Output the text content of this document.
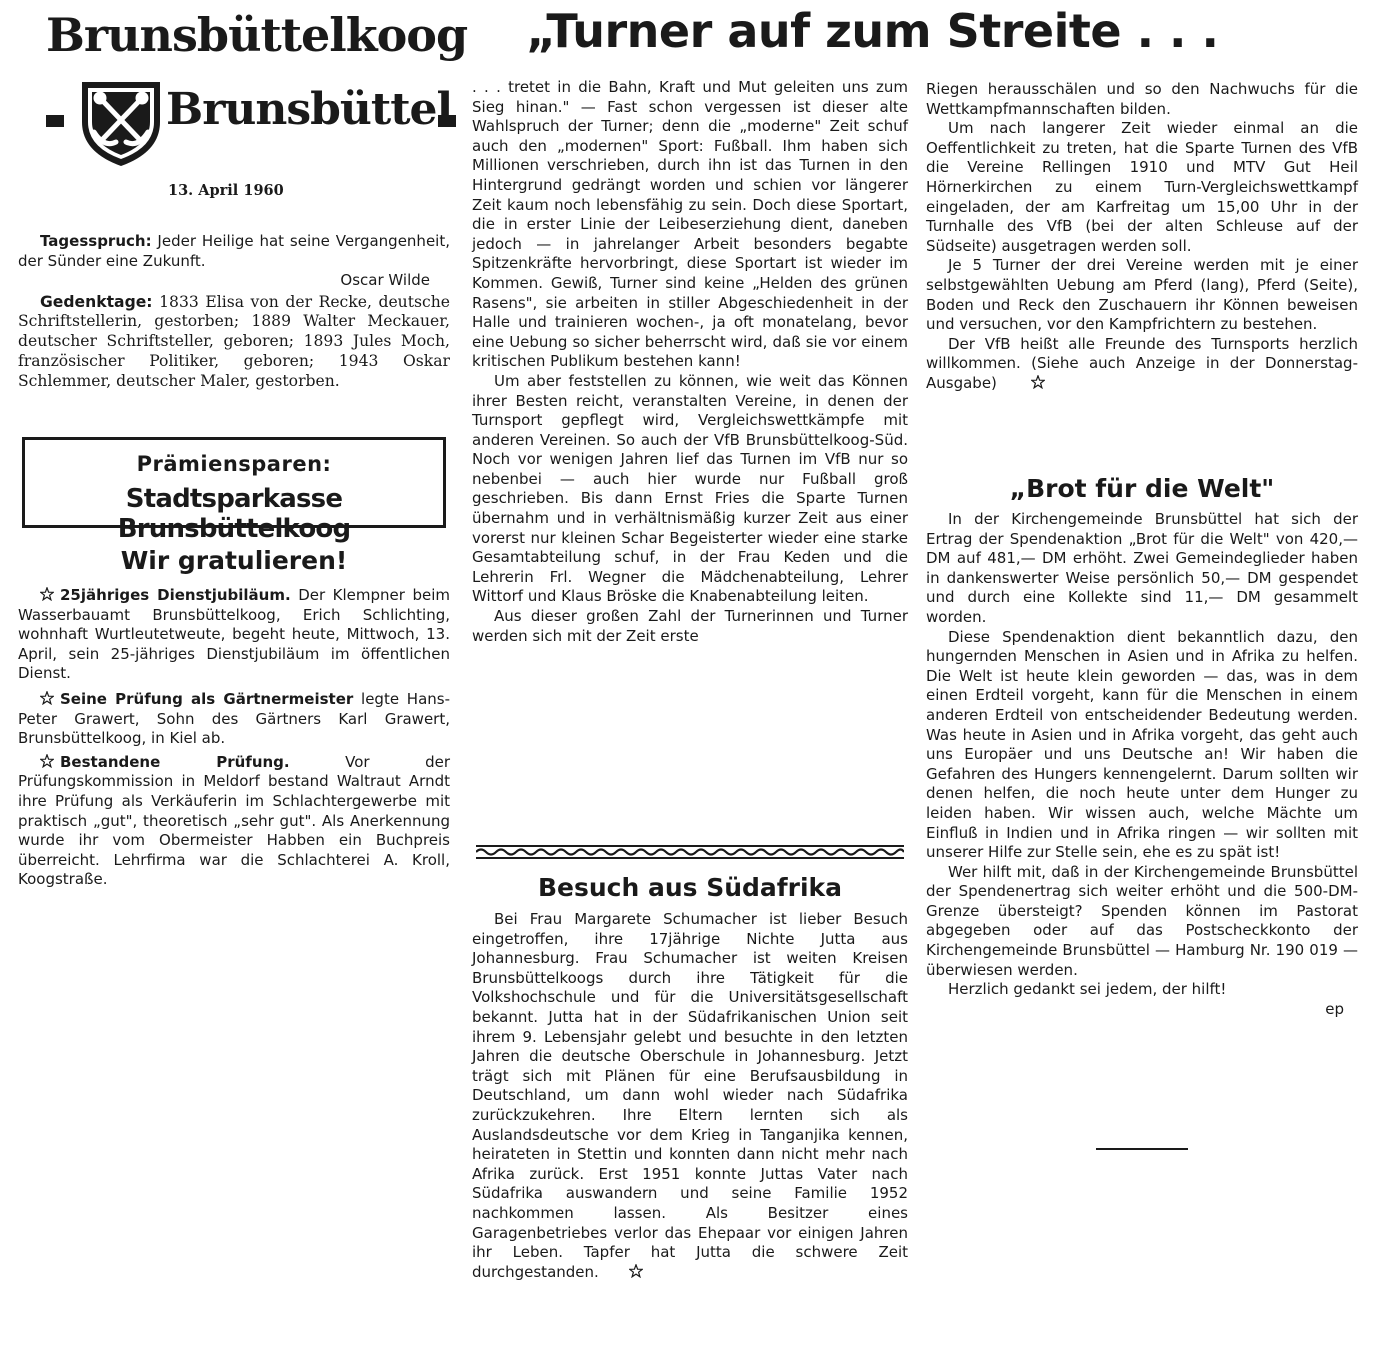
Brunsbüttelkoog
Brunsbüttel
13. April 1960

Tagesspruch: Jeder Heilige hat seine Vergangenheit, der Sünder eine Zukunft.

Oscar Wilde

Gedenktage: 1833 Elisa von der Recke, deutsche Schriftstellerin, gestorben; 1889 Walter Meckauer, deutscher Schriftsteller, geboren; 1893 Jules Moch, französischer Politiker, geboren; 1943 Oskar Schlemmer, deutscher Maler, gestorben.

Prämiensparen:
Stadtsparkasse Brunsbüttelkoog
Wir gratulieren!

25jähriges Dienstjubiläum. Der Klempner beim Wasserbauamt Brunsbüttelkoog, Erich Schlichting, wohnhaft Wurtleutetweute, begeht heute, Mittwoch, 13. April, sein 25-jähriges Dienstjubiläum im öffentlichen Dienst.

Seine Prüfung als Gärtnermeister legte Hans-Peter Grawert, Sohn des Gärtners Karl Grawert, Brunsbüttelkoog, in Kiel ab.

Bestandene Prüfung. Vor der Prüfungskommission in Meldorf bestand Waltraut Arndt ihre Prüfung als Verkäuferin im Schlachtergewerbe mit praktisch „gut", theoretisch „sehr gut". Als Anerkennung wurde ihr vom Obermeister Habben ein Buchpreis überreicht. Lehrfirma war die Schlachterei A. Kroll, Koogstraße.

„Turner auf zum Streite . . .

. . . tretet in die Bahn, Kraft und Mut geleiten uns zum Sieg hinan." — Fast schon vergessen ist dieser alte Wahlspruch der Turner; denn die „moderne" Zeit schuf auch den „modernen" Sport: Fußball. Ihm haben sich Millionen verschrieben, durch ihn ist das Turnen in den Hintergrund gedrängt worden und schien vor längerer Zeit kaum noch lebensfähig zu sein. Doch diese Sportart, die in erster Linie der Leibeserziehung dient, daneben jedoch — in jahrelanger Arbeit besonders begabte Spitzenkräfte hervorbringt, diese Sportart ist wieder im Kommen. Gewiß, Turner sind keine „Helden des grünen Rasens", sie arbeiten in stiller Abgeschiedenheit in der Halle und trainieren wochen-, ja oft monatelang, bevor eine Uebung so sicher beherrscht wird, daß sie vor einem kritischen Publikum bestehen kann!

Um aber feststellen zu können, wie weit das Können ihrer Besten reicht, veranstalten Vereine, in denen der Turnsport gepflegt wird, Vergleichswettkämpfe mit anderen Vereinen. So auch der VfB Brunsbüttelkoog-Süd. Noch vor wenigen Jahren lief das Turnen im VfB nur so nebenbei — auch hier wurde nur Fußball groß geschrieben. Bis dann Ernst Fries die Sparte Turnen übernahm und in verhältnismäßig kurzer Zeit aus einer vorerst nur kleinen Schar Begeisterter wieder eine starke Gesamtabteilung schuf, in der Frau Keden und die Lehrerin Frl. Wegner die Mädchenabteilung, Lehrer Wittorf und Klaus Bröske die Knabenabteilung leiten.

Aus dieser großen Zahl der Turnerinnen und Turner werden sich mit der Zeit erste

Besuch aus Südafrika

Bei Frau Margarete Schumacher ist lieber Besuch eingetroffen, ihre 17jährige Nichte Jutta aus Johannesburg. Frau Schumacher ist weiten Kreisen Brunsbüttelkoogs durch ihre Tätigkeit für die Volkshochschule und für die Universitätsgesellschaft bekannt. Jutta hat in der Südafrikanischen Union seit ihrem 9. Lebensjahr gelebt und besuchte in den letzten Jahren die deutsche Oberschule in Johannesburg. Jetzt trägt sich mit Plänen für eine Berufsausbildung in Deutschland, um dann wohl wieder nach Südafrika zurückzukehren. Ihre Eltern lernten sich als Auslandsdeutsche vor dem Krieg in Tanganjika kennen, heirateten in Stettin und konnten dann nicht mehr nach Afrika zurück. Erst 1951 konnte Juttas Vater nach Südafrika auswandern und seine Familie 1952 nachkommen lassen. Als Besitzer eines Garagenbetriebes verlor das Ehepaar vor einigen Jahren ihr Leben. Tapfer hat Jutta die schwere Zeit durchgestanden.

Riegen herausschälen und so den Nachwuchs für die Wettkampfmannschaften bilden.

Um nach langerer Zeit wieder einmal an die Oeffentlichkeit zu treten, hat die Sparte Turnen des VfB die Vereine Rellingen 1910 und MTV Gut Heil Hörnerkirchen zu einem Turn-Vergleichswettkampf eingeladen, der am Karfreitag um 15,00 Uhr in der Turnhalle des VfB (bei der alten Schleuse auf der Südseite) ausgetragen werden soll.

Je 5 Turner der drei Vereine werden mit je einer selbstgewählten Uebung am Pferd (lang), Pferd (Seite), Boden und Reck den Zuschauern ihr Können beweisen und versuchen, vor den Kampfrichtern zu bestehen.

Der VfB heißt alle Freunde des Turnsports herzlich willkommen. (Siehe auch Anzeige in der Donnerstag-Ausgabe)

„Brot für die Welt"

In der Kirchengemeinde Brunsbüttel hat sich der Ertrag der Spendenaktion „Brot für die Welt" von 420,— DM auf 481,— DM erhöht. Zwei Gemeindeglieder haben in dankenswerter Weise persönlich 50,— DM gespendet und durch eine Kollekte sind 11,— DM gesammelt worden.

Diese Spendenaktion dient bekanntlich dazu, den hungernden Menschen in Asien und in Afrika zu helfen. Die Welt ist heute klein geworden — das, was in dem einen Erdteil vorgeht, kann für die Menschen in einem anderen Erdteil von entscheidender Bedeutung werden. Was heute in Asien und in Afrika vorgeht, das geht auch uns Europäer und uns Deutsche an! Wir haben die Gefahren des Hungers kennengelernt. Darum sollten wir denen helfen, die noch heute unter dem Hunger zu leiden haben. Wir wissen auch, welche Mächte um Einfluß in Indien und in Afrika ringen — wir sollten mit unserer Hilfe zur Stelle sein, ehe es zu spät ist!

Wer hilft mit, daß in der Kirchengemeinde Brunsbüttel der Spendenertrag sich weiter erhöht und die 500-DM-Grenze übersteigt? Spenden können im Pastorat abgegeben oder auf das Postscheckkonto der Kirchengemeinde Brunsbüttel — Hamburg Nr. 190 019 — überwiesen werden.

Herzlich gedankt sei jedem, der hilft!

ep
